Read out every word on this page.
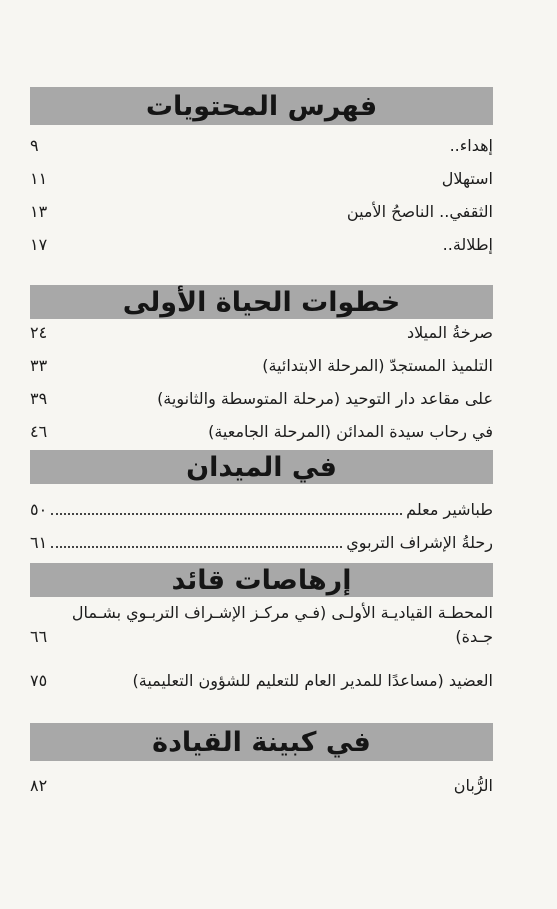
فهرس المحتويات
إهداء..
٩
استهلال
١١
الثقفي.. الناصحُ الأمين
١٣
إطلالة..
١٧
خطوات الحياة الأولى
صرخةُ الميلاد
٢٤
التلميذ المستجدّ (المرحلة الابتدائية)
٣٣
على مقاعد دار التوحيد (مرحلة المتوسطة والثانوية)
٣٩
في رحاب سيدة المدائن (المرحلة الجامعية)
٤٦
في الميدان
طباشير معلم
٥٠
رحلةُ الإشراف التربوي
٦١
إرهاصات قائد
المحطـة القياديـة الأولـى (فـي مركـز الإشـراف التربـوي بشـمال
جـدة)
٦٦
العضيد (مساعدًا للمدير العام للتعليم للشؤون التعليمية)
٧٥
في كبينة القيادة
الرُّبان
٨٢
